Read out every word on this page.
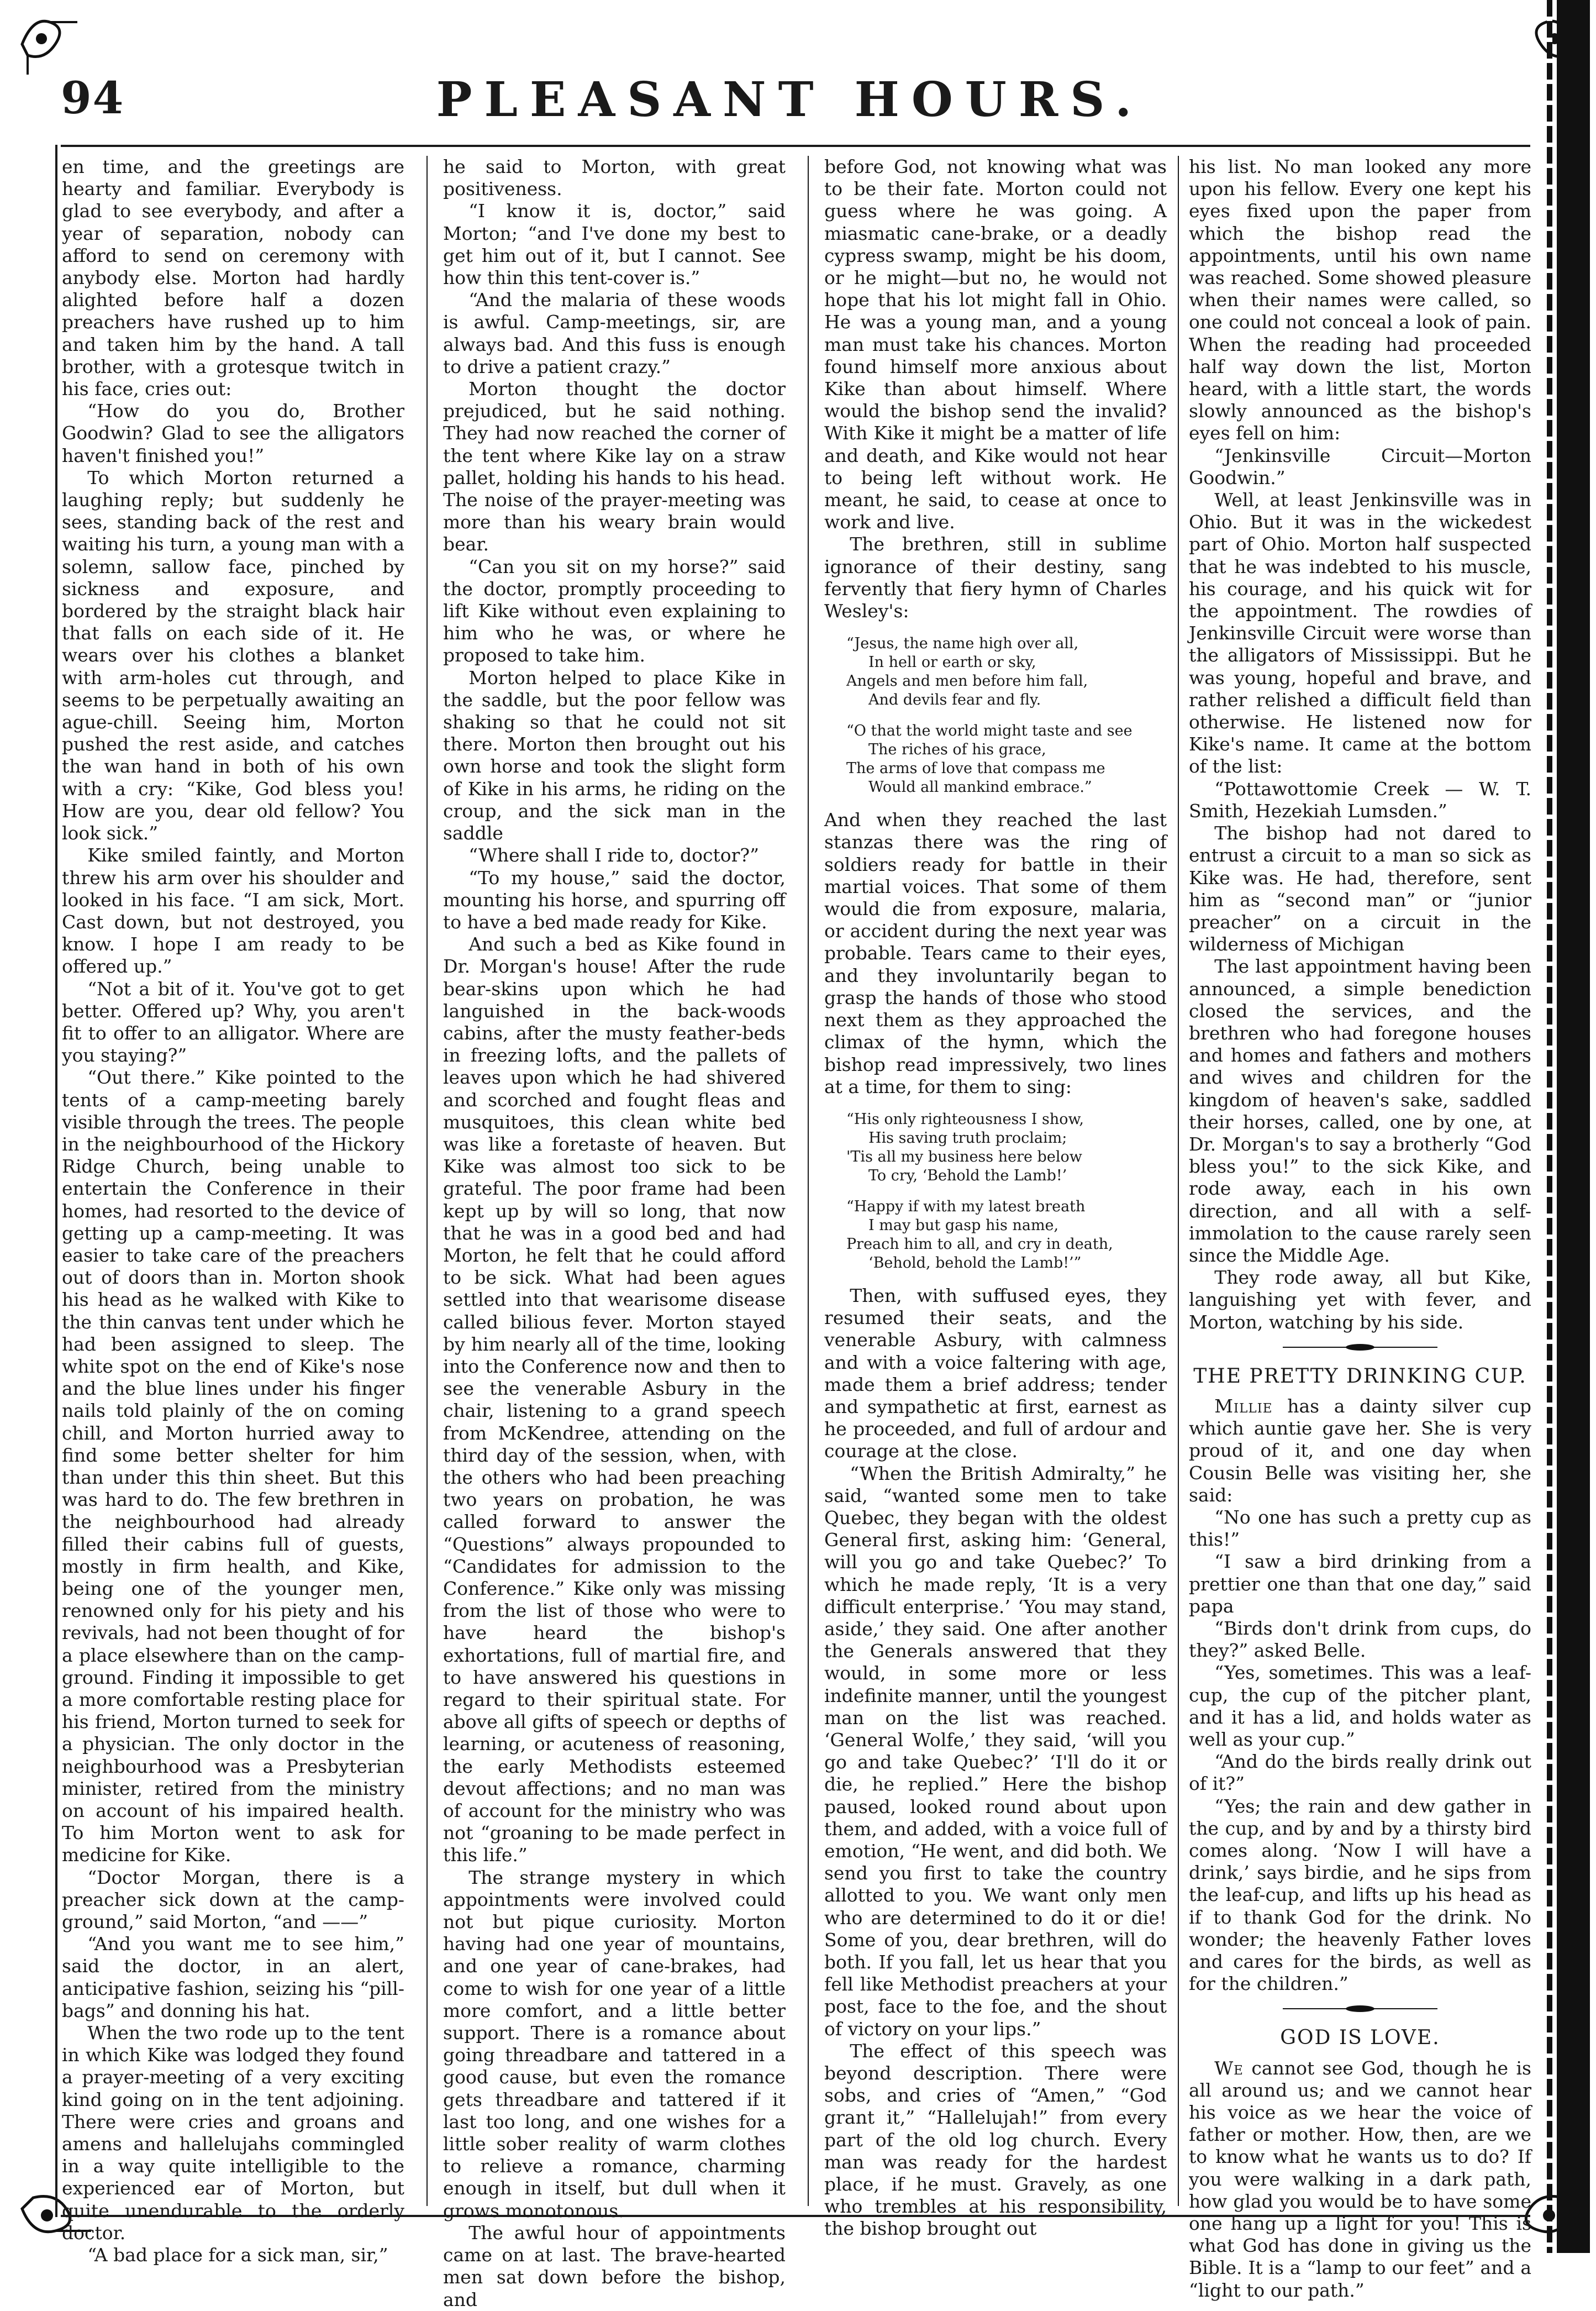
94	PLEASANT HOURS.

en time, and the greetings are hearty and familiar. Everybody is glad to see everybody, and after a year of separation, nobody can afford to send on ceremony with anybody else. Morton had hardly alighted before half a dozen preachers have rushed up to him and taken him by the hand. A tall brother, with a grotesque twitch in his face, cries out:

“How do you do, Brother Goodwin? Glad to see the alligators haven't finished you!”

To which Morton returned a laughing reply; but suddenly he sees, standing back of the rest and waiting his turn, a young man with a solemn, sallow face, pinched by sickness and exposure, and bordered by the straight black hair that falls on each side of it. He wears over his clothes a blanket with arm-holes cut through, and seems to be perpetually awaiting an ague-chill. Seeing him, Morton pushed the rest aside, and catches the wan hand in both of his own with a cry: “Kike, God bless you! How are you, dear old fellow? You look sick.”

Kike smiled faintly, and Morton threw his arm over his shoulder and looked in his face. “I am sick, Mort. Cast down, but not destroyed, you know. I hope I am ready to be offered up.”

“Not a bit of it. You've got to get better. Offered up? Why, you aren't fit to offer to an alligator. Where are you staying?”

“Out there.” Kike pointed to the tents of a camp-meeting barely visible through the trees. The people in the neighbourhood of the Hickory Ridge Church, being unable to entertain the Conference in their homes, had resorted to the device of getting up a camp-meeting. It was easier to take care of the preachers out of doors than in. Morton shook his head as he walked with Kike to the thin canvas tent under which he had been assigned to sleep. The white spot on the end of Kike's nose and the blue lines under his finger nails told plainly of the on coming chill, and Morton hurried away to find some better shelter for him than under this thin sheet. But this was hard to do. The few brethren in the neighbourhood had already filled their cabins full of guests, mostly in firm health, and Kike, being one of the younger men, renowned only for his piety and his revivals, had not been thought of for a place elsewhere than on the camp-ground. Finding it impossible to get a more comfortable resting place for his friend, Morton turned to seek for a physician. The only doctor in the neighbourhood was a Presbyterian minister, retired from the ministry on account of his impaired health. To him Morton went to ask for medicine for Kike.

“Doctor Morgan, there is a preacher sick down at the camp-ground,” said Morton, “and ——”

“And you want me to see him,” said the doctor, in an alert, anticipative fashion, seizing his “pill-bags” and donning his hat.

When the two rode up to the tent in which Kike was lodged they found a prayer-meeting of a very exciting kind going on in the tent adjoining. There were cries and groans and amens and hallelujahs commingled in a way quite intelligible to the experienced ear of Morton, but quite unendurable to the orderly doctor.

“A bad place for a sick man, sir,”

he said to Morton, with great positiveness.

“I know it is, doctor,” said Morton; “and I've done my best to get him out of it, but I cannot. See how thin this tent-cover is.”

“And the malaria of these woods is awful. Camp-meetings, sir, are always bad. And this fuss is enough to drive a patient crazy.”

Morton thought the doctor prejudiced, but he said nothing. They had now reached the corner of the tent where Kike lay on a straw pallet, holding his hands to his head. The noise of the prayer-meeting was more than his weary brain would bear.

“Can you sit on my horse?” said the doctor, promptly proceeding to lift Kike without even explaining to him who he was, or where he proposed to take him.

Morton helped to place Kike in the saddle, but the poor fellow was shaking so that he could not sit there. Morton then brought out his own horse and took the slight form of Kike in his arms, he riding on the croup, and the sick man in the saddle

“Where shall I ride to, doctor?”

“To my house,” said the doctor, mounting his horse, and spurring off to have a bed made ready for Kike.

And such a bed as Kike found in Dr. Morgan's house! After the rude bear-skins upon which he had languished in the back-woods cabins, after the musty feather-beds in freezing lofts, and the pallets of leaves upon which he had shivered and scorched and fought fleas and musquitoes, this clean white bed was like a foretaste of heaven. But Kike was almost too sick to be grateful. The poor frame had been kept up by will so long, that now that he was in a good bed and had Morton, he felt that he could afford to be sick. What had been agues settled into that wearisome disease called bilious fever. Morton stayed by him nearly all of the time, looking into the Conference now and then to see the venerable Asbury in the chair, listening to a grand speech from McKendree, attending on the third day of the session, when, with the others who had been preaching two years on probation, he was called forward to answer the “Questions” always propounded to “Candidates for admission to the Conference.” Kike only was missing from the list of those who were to have heard the bishop's exhortations, full of martial fire, and to have answered his questions in regard to their spiritual state. For above all gifts of speech or depths of learning, or acuteness of reasoning, the early Methodists esteemed devout affections; and no man was of account for the ministry who was not “groaning to be made perfect in this life.”

The strange mystery in which appointments were involved could not but pique curiosity. Morton having had one year of mountains, and one year of cane-brakes, had come to wish for one year of a little more comfort, and a little better support. There is a romance about going threadbare and tattered in a good cause, but even the romance gets threadbare and tattered if it last too long, and one wishes for a little sober reality of warm clothes to relieve a romance, charming enough in itself, but dull when it grows monotonous.

The awful hour of appointments came on at last. The brave-hearted men sat down before the bishop, and

before God, not knowing what was to be their fate. Morton could not guess where he was going. A miasmatic cane-brake, or a deadly cypress swamp, might be his doom, or he might—but no, he would not hope that his lot might fall in Ohio. He was a young man, and a young man must take his chances. Morton found himself more anxious about Kike than about himself. Where would the bishop send the invalid? With Kike it might be a matter of life and death, and Kike would not hear to being left without work. He meant, he said, to cease at once to work and live.

The brethren, still in sublime ignorance of their destiny, sang fervently that fiery hymn of Charles Wesley's:

“Jesus, the name high over all,
In hell or earth or sky,
Angels and men before him fall,
And devils fear and fly.
“O that the world might taste and see
The riches of his grace,
The arms of love that compass me
Would all mankind embrace.”

And when they reached the last stanzas there was the ring of soldiers ready for battle in their martial voices. That some of them would die from exposure, malaria, or accident during the next year was probable. Tears came to their eyes, and they involuntarily began to grasp the hands of those who stood next them as they approached the climax of the hymn, which the bishop read impressively, two lines at a time, for them to sing:

“His only righteousness I show,
His saving truth proclaim;
'Tis all my business here below
To cry, ‘Behold the Lamb!’
“Happy if with my latest breath
I may but gasp his name,
Preach him to all, and cry in death,
‘Behold, behold the Lamb!’”

Then, with suffused eyes, they resumed their seats, and the venerable Asbury, with calmness and with a voice faltering with age, made them a brief address; tender and sympathetic at first, earnest as he proceeded, and full of ardour and courage at the close.

“When the British Admiralty,” he said, “wanted some men to take Quebec, they began with the oldest General first, asking him: ‘General, will you go and take Quebec?’ To which he made reply, ‘It is a very difficult enterprise.’ ‘You may stand, aside,’ they said. One after another the Generals answered that they would, in some more or less indefinite manner, until the youngest man on the list was reached. ‘General Wolfe,’ they said, ‘will you go and take Quebec?’ ‘I'll do it or die, he replied.” Here the bishop paused, looked round about upon them, and added, with a voice full of emotion, “He went, and did both. We send you first to take the country allotted to you. We want only men who are determined to do it or die! Some of you, dear brethren, will do both. If you fall, let us hear that you fell like Methodist preachers at your post, face to the foe, and the shout of victory on your lips.”

The effect of this speech was beyond description. There were sobs, and cries of “Amen,” “God grant it,” “Hallelujah!” from every part of the old log church. Every man was ready for the hardest place, if he must. Gravely, as one who trembles at his responsibility, the bishop brought out

his list. No man looked any more upon his fellow. Every one kept his eyes fixed upon the paper from which the bishop read the appointments, until his own name was reached. Some showed pleasure when their names were called, so one could not conceal a look of pain. When the reading had proceeded half way down the list, Morton heard, with a little start, the words slowly announced as the bishop's eyes fell on him:

“Jenkinsville Circuit—Morton Goodwin.”

Well, at least Jenkinsville was in Ohio. But it was in the wickedest part of Ohio. Morton half suspected that he was indebted to his muscle, his courage, and his quick wit for the appointment. The rowdies of Jenkinsville Circuit were worse than the alligators of Mississippi. But he was young, hopeful and brave, and rather relished a difficult field than otherwise. He listened now for Kike's name. It came at the bottom of the list:

“Pottawottomie Creek — W. T. Smith, Hezekiah Lumsden.”

The bishop had not dared to entrust a circuit to a man so sick as Kike was. He had, therefore, sent him as “second man” or “junior preacher” on a circuit in the wilderness of Michigan

The last appointment having been announced, a simple benediction closed the services, and the brethren who had foregone houses and homes and fathers and mothers and wives and children for the kingdom of heaven's sake, saddled their horses, called, one by one, at Dr. Morgan's to say a brotherly “God bless you!” to the sick Kike, and rode away, each in his own direction, and all with a self-immolation to the cause rarely seen since the Middle Age.

They rode away, all but Kike, languishing yet with fever, and Morton, watching by his side.

THE PRETTY DRINKING CUP.

Millie has a dainty silver cup which auntie gave her. She is very proud of it, and one day when Cousin Belle was visiting her, she said:

“No one has such a pretty cup as this!”

“I saw a bird drinking from a prettier one than that one day,” said papa

“Birds don't drink from cups, do they?” asked Belle.

“Yes, sometimes. This was a leaf-cup, the cup of the pitcher plant, and it has a lid, and holds water as well as your cup.”

“And do the birds really drink out of it?”

“Yes; the rain and dew gather in the cup, and by and by a thirsty bird comes along. ‘Now I will have a drink,’ says birdie, and he sips from the leaf-cup, and lifts up his head as if to thank God for the drink. No wonder; the heavenly Father loves and cares for the birds, as well as for the children.”

GOD IS LOVE.

We cannot see God, though he is all around us; and we cannot hear his voice as we hear the voice of father or mother. How, then, are we to know what he wants us to do? If you were walking in a dark path, how glad you would be to have some one hang up a light for you! This is what God has done in giving us the Bible. It is a “lamp to our feet” and a “light to our path.”
